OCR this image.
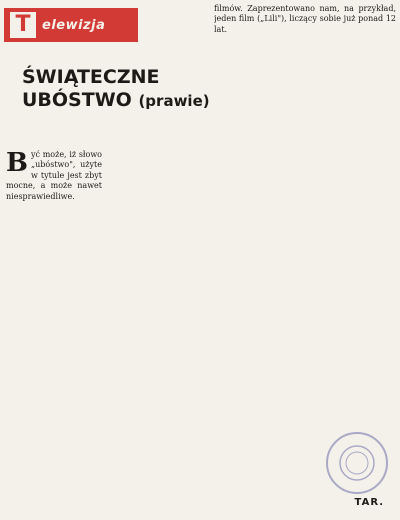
T elewizja
ŚWIĄTECZNE
UBÓSTWO (prawie)

B yć może, iż słowo „ubóstwo", użyte w tytule jest zbyt mocne, a może nawet niesprawiedliwe.

filmów. Zaprezentowano nam, na przykład, jeden film („Lili"), liczący sobie już ponad 12 lat.

TAR.
